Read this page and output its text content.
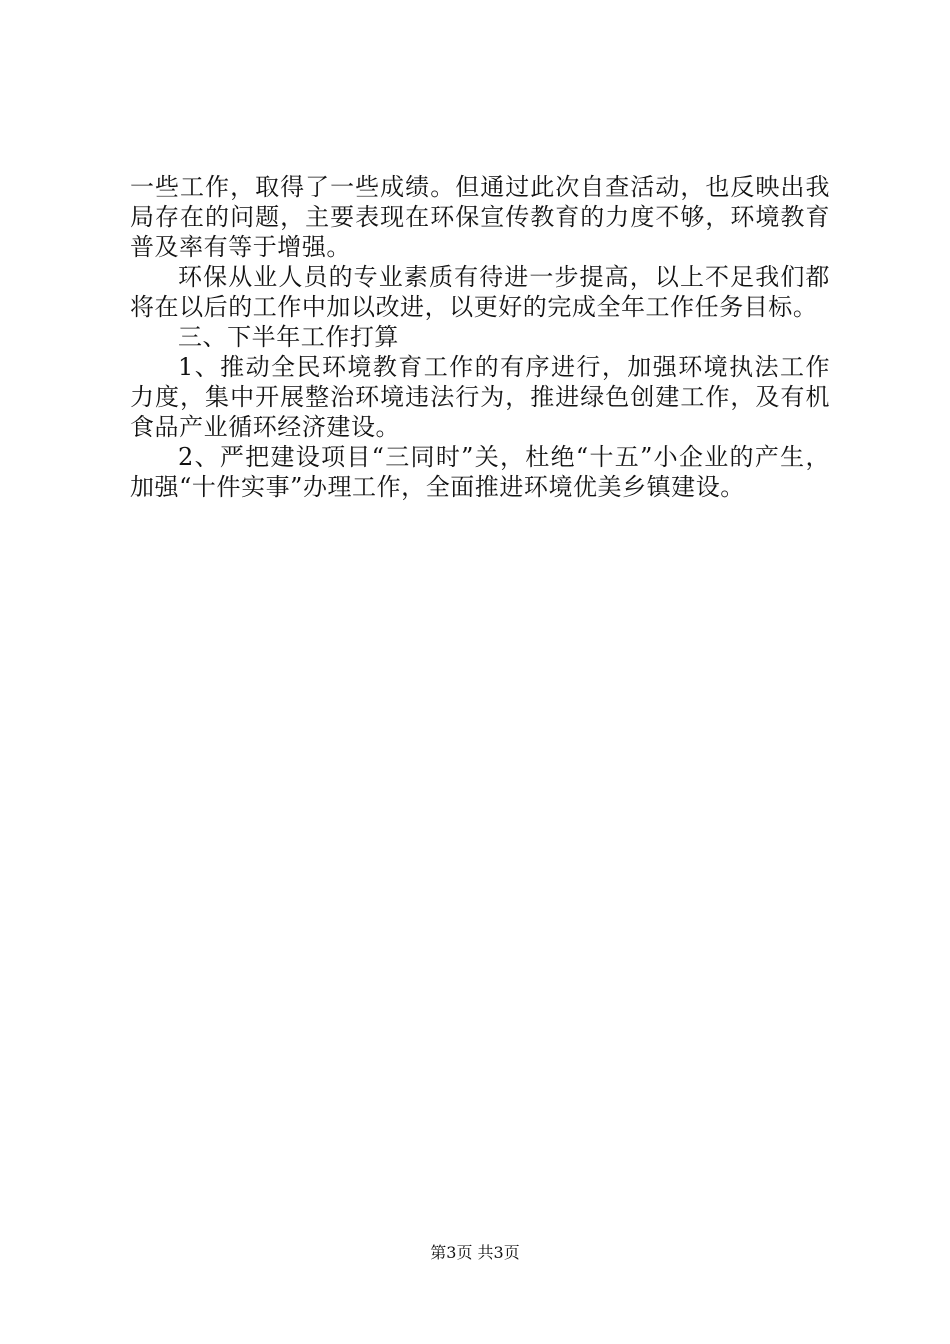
一些工作，取得了一些成绩。但通过此次自查活动，也反映出我局存在的问题，主要表现在环保宣传教育的力度不够，环境教育普及率有等于增强。

环保从业人员的专业素质有待进一步提高，以上不足我们都将在以后的工作中加以改进，以更好的完成全年工作任务目标。

三、下半年工作打算

1、推动全民环境教育工作的有序进行，加强环境执法工作力度，集中开展整治环境违法行为，推进绿色创建工作，及有机食品产业循环经济建设。

2、严把建设项目“三同时”关，杜绝“十五”小企业的产生，加强“十件实事”办理工作，全面推进环境优美乡镇建设。

第3页 共3页
